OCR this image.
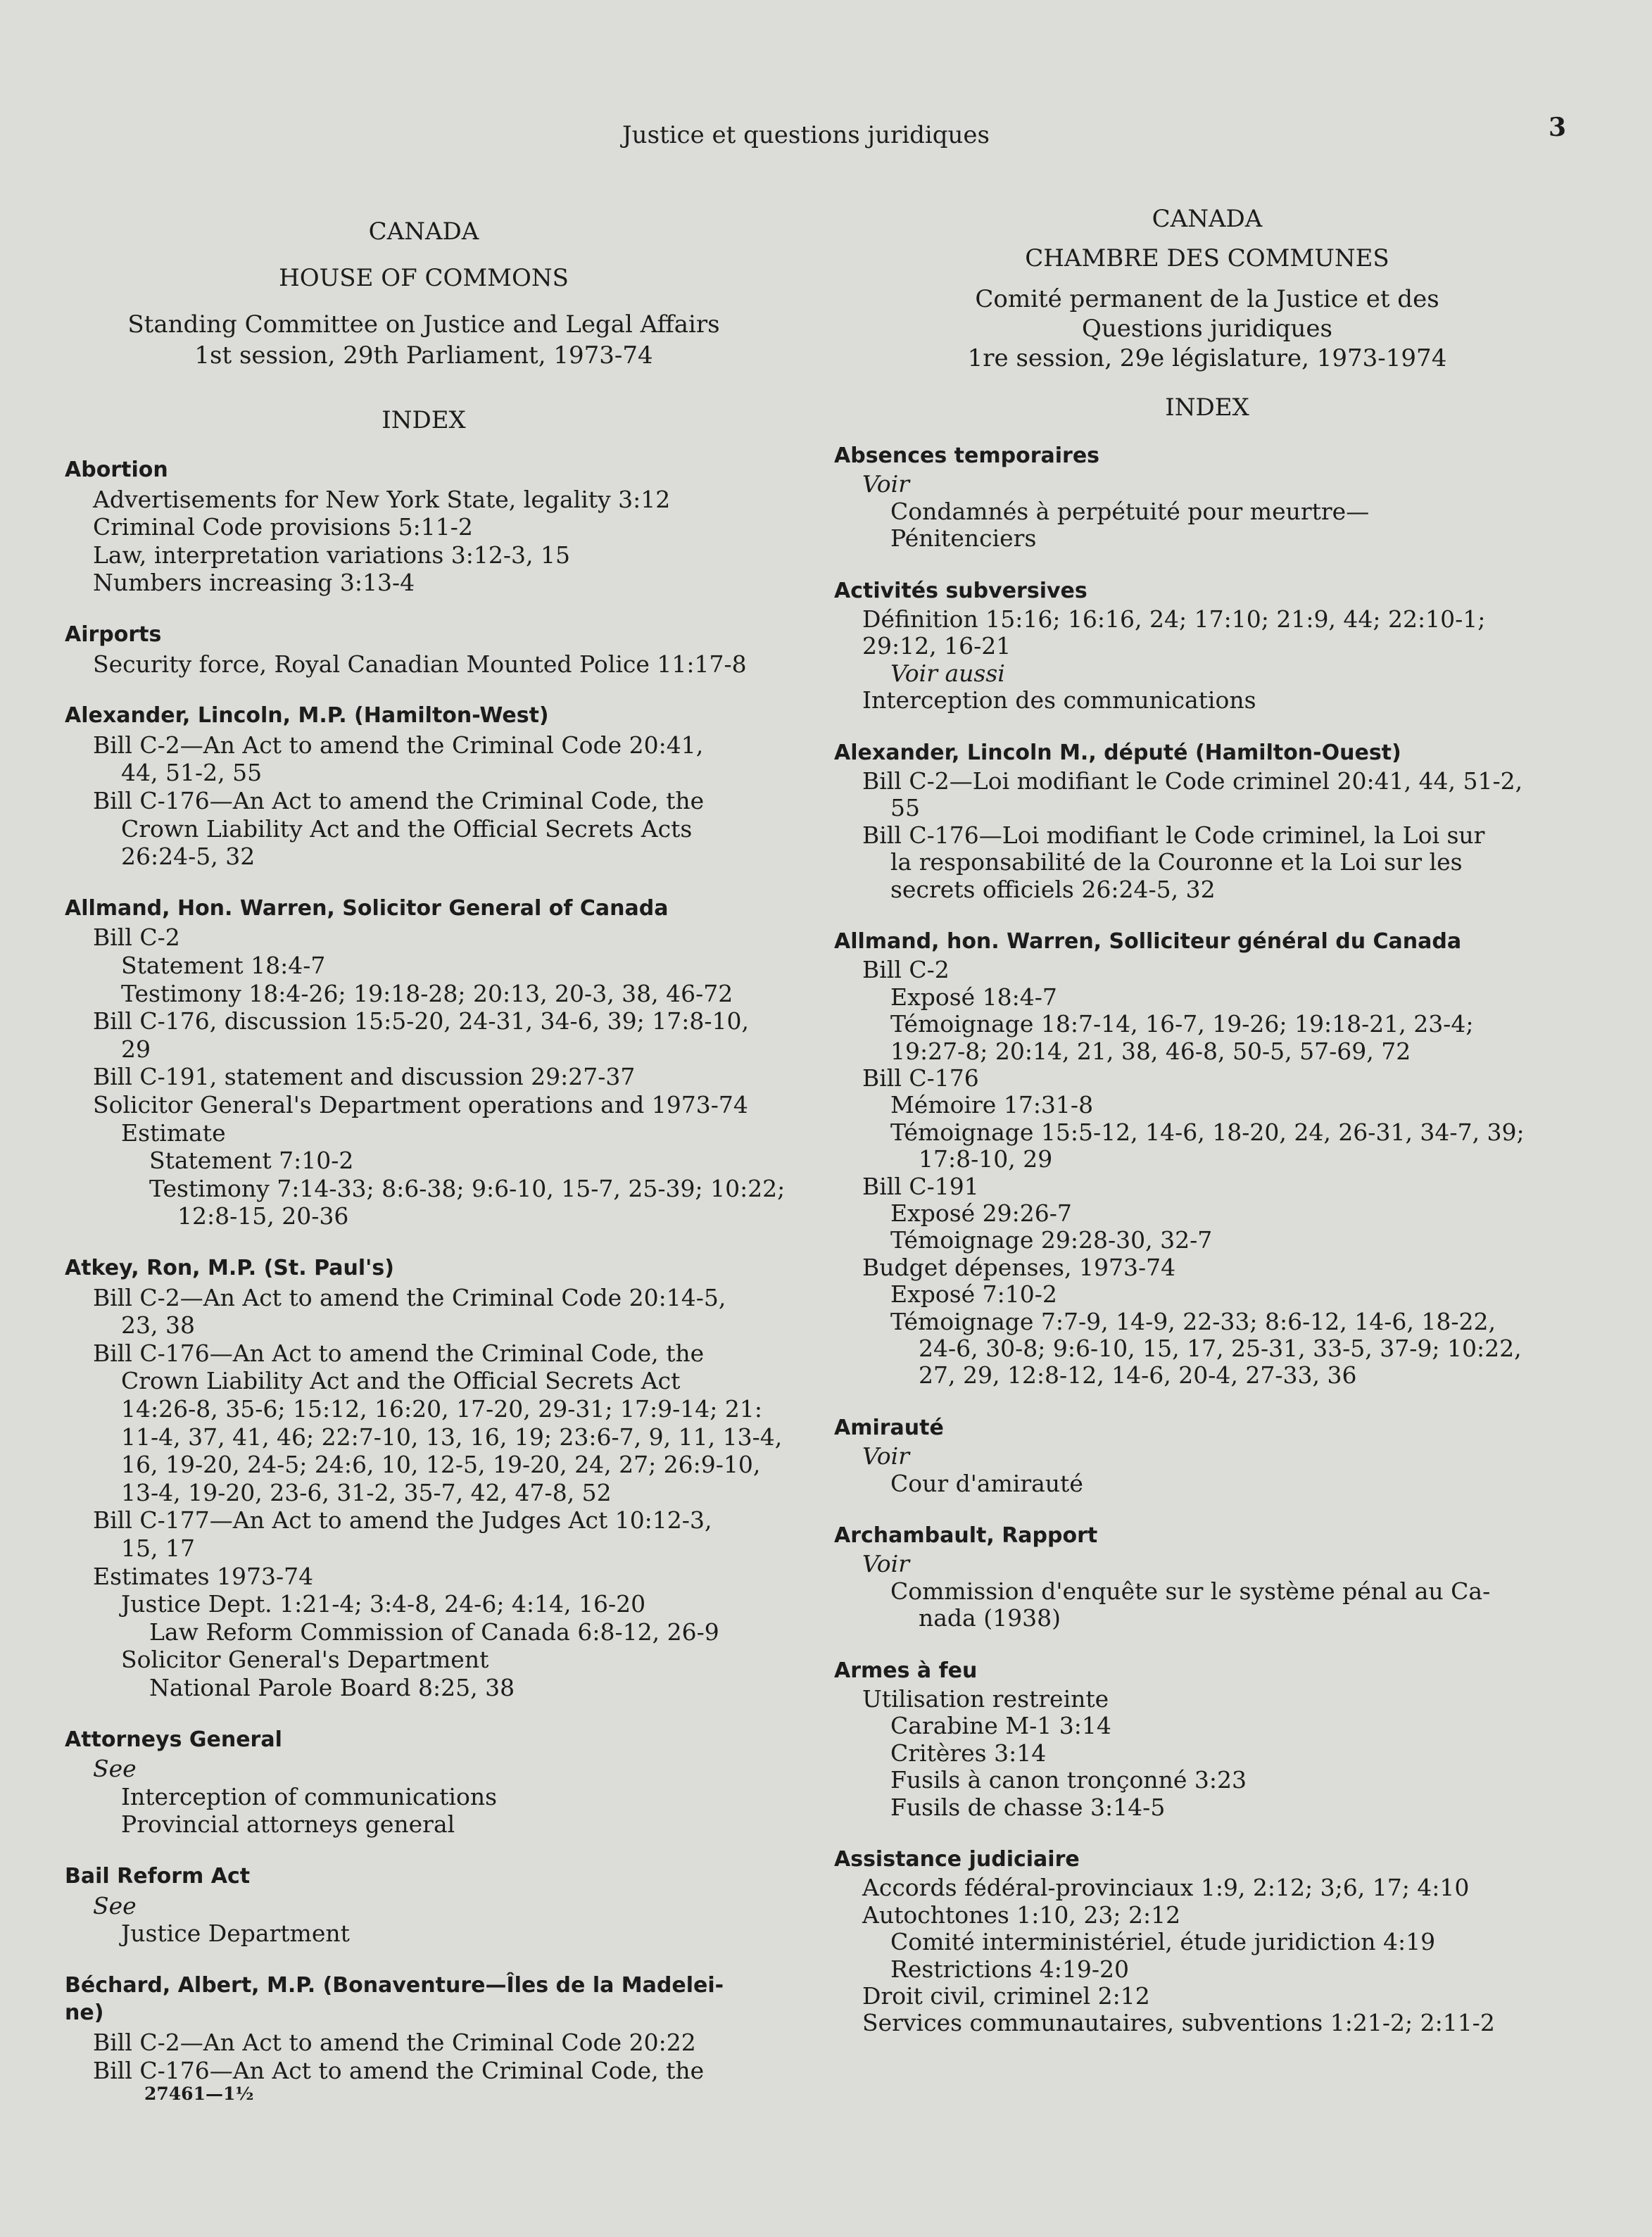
Justice et questions juridiques	3
CANADA
HOUSE OF COMMONS
Standing Committee on Justice and Legal Affairs
1st session, 29th Parliament, 1973-74
INDEX
Abortion
Advertisements for New York State, legality 3:12
Criminal Code provisions 5:11-2
Law, interpretation variations 3:12-3, 15
Numbers increasing 3:13-4
Airports
Security force, Royal Canadian Mounted Police 11:17-8
Alexander, Lincoln, M.P. (Hamilton-West)
Bill C-2—An Act to amend the Criminal Code 20:41,
44, 51-2, 55
Bill C-176—An Act to amend the Criminal Code, the
Crown Liability Act and the Official Secrets Acts
26:24-5, 32
Allmand, Hon. Warren, Solicitor General of Canada
Bill C-2
Statement 18:4-7
Testimony 18:4-26; 19:18-28; 20:13, 20-3, 38, 46-72
Bill C-176, discussion 15:5-20, 24-31, 34-6, 39; 17:8-10,
29
Bill C-191, statement and discussion 29:27-37
Solicitor General's Department operations and 1973-74
Estimate
Statement 7:10-2
Testimony 7:14-33; 8:6-38; 9:6-10, 15-7, 25-39; 10:22;
12:8-15, 20-36
Atkey, Ron, M.P. (St. Paul's)
Bill C-2—An Act to amend the Criminal Code 20:14-5,
23, 38
Bill C-176—An Act to amend the Criminal Code, the
Crown Liability Act and the Official Secrets Act
14:26-8, 35-6; 15:12, 16:20, 17-20, 29-31; 17:9-14; 21:
11-4, 37, 41, 46; 22:7-10, 13, 16, 19; 23:6-7, 9, 11, 13-4,
16, 19-20, 24-5; 24:6, 10, 12-5, 19-20, 24, 27; 26:9-10,
13-4, 19-20, 23-6, 31-2, 35-7, 42, 47-8, 52
Bill C-177—An Act to amend the Judges Act 10:12-3,
15, 17
Estimates 1973-74
Justice Dept. 1:21-4; 3:4-8, 24-6; 4:14, 16-20
Law Reform Commission of Canada 6:8-12, 26-9
Solicitor General's Department
National Parole Board 8:25, 38
Attorneys General
See
Interception of communications
Provincial attorneys general
Bail Reform Act
See
Justice Department
Béchard, Albert, M.P. (Bonaventure—Îles de la Madelei-
ne)
Bill C-2—An Act to amend the Criminal Code 20:22
Bill C-176—An Act to amend the Criminal Code, the
CANADA
CHAMBRE DES COMMUNES
Comité permanent de la Justice et des
Questions juridiques
1re session, 29e législature, 1973-1974
INDEX
Absences temporaires
Voir
Condamnés à perpétuité pour meurtre—
Pénitenciers
Activités subversives
Définition 15:16; 16:16, 24; 17:10; 21:9, 44; 22:10-1;
29:12, 16-21
Voir aussi
Interception des communications
Alexander, Lincoln M., député (Hamilton-Ouest)
Bill C-2—Loi modifiant le Code criminel 20:41, 44, 51-2,
55
Bill C-176—Loi modifiant le Code criminel, la Loi sur
la responsabilité de la Couronne et la Loi sur les
secrets officiels 26:24-5, 32
Allmand, hon. Warren, Solliciteur général du Canada
Bill C-2
Exposé 18:4-7
Témoignage 18:7-14, 16-7, 19-26; 19:18-21, 23-4;
19:27-8; 20:14, 21, 38, 46-8, 50-5, 57-69, 72
Bill C-176
Mémoire 17:31-8
Témoignage 15:5-12, 14-6, 18-20, 24, 26-31, 34-7, 39;
17:8-10, 29
Bill C-191
Exposé 29:26-7
Témoignage 29:28-30, 32-7
Budget dépenses, 1973-74
Exposé 7:10-2
Témoignage 7:7-9, 14-9, 22-33; 8:6-12, 14-6, 18-22,
24-6, 30-8; 9:6-10, 15, 17, 25-31, 33-5, 37-9; 10:22,
27, 29, 12:8-12, 14-6, 20-4, 27-33, 36
Amirauté
Voir
Cour d'amirauté
Archambault, Rapport
Voir
Commission d'enquête sur le système pénal au Ca-
nada (1938)
Armes à feu
Utilisation restreinte
Carabine M-1 3:14
Critères 3:14
Fusils à canon tronçonné 3:23
Fusils de chasse 3:14-5
Assistance judiciaire
Accords fédéral-provinciaux 1:9, 2:12; 3;6, 17; 4:10
Autochtones 1:10, 23; 2:12
Comité interministériel, étude juridiction 4:19
Restrictions 4:19-20
Droit civil, criminel 2:12
Services communautaires, subventions 1:21-2; 2:11-2
27461—1½
